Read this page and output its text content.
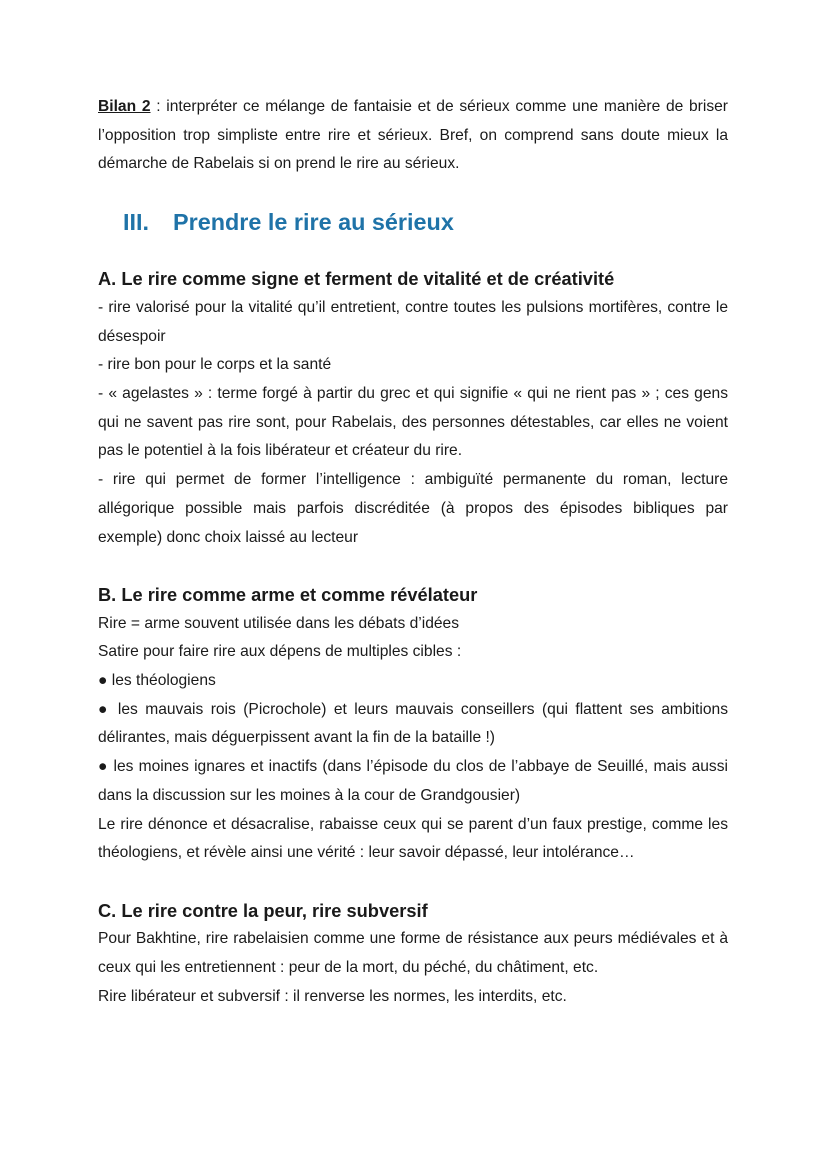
Bilan 2 : interpréter ce mélange de fantaisie et de sérieux comme une manière de briser l’opposition trop simpliste entre rire et sérieux. Bref, on comprend sans doute mieux la démarche de Rabelais si on prend le rire au sérieux.

III.	Prendre le rire au sérieux
A. Le rire comme signe et ferment de vitalité et de créativité

- rire valorisé pour la vitalité qu’il entretient, contre toutes les pulsions mortifères, contre le désespoir

- rire bon pour le corps et la santé

- « agelastes » : terme forgé à partir du grec et qui signifie « qui ne rient pas » ; ces gens qui ne savent pas rire sont, pour Rabelais, des personnes détestables, car elles ne voient pas le potentiel à la fois libérateur et créateur du rire.

- rire qui permet de former l’intelligence : ambiguïté permanente du roman, lecture allégorique possible mais parfois discréditée (à propos des épisodes bibliques par exemple) donc choix laissé au lecteur

B. Le rire comme arme et comme révélateur

Rire = arme souvent utilisée dans les débats d’idées

Satire pour faire rire aux dépens de multiples cibles :

● les théologiens

● les mauvais rois (Picrochole) et leurs mauvais conseillers (qui flattent ses ambitions délirantes, mais déguerpissent avant la fin de la bataille !)

● les moines ignares et inactifs (dans l’épisode du clos de l’abbaye de Seuillé, mais aussi dans la discussion sur les moines à la cour de Grandgousier)

Le rire dénonce et désacralise, rabaisse ceux qui se parent d’un faux prestige, comme les théologiens, et révèle ainsi une vérité : leur savoir dépassé, leur intolérance…

C. Le rire contre la peur, rire subversif

Pour Bakhtine, rire rabelaisien comme une forme de résistance aux peurs médiévales et à ceux qui les entretiennent : peur de la mort, du péché, du châtiment, etc.

Rire libérateur et subversif : il renverse les normes, les interdits, etc.
